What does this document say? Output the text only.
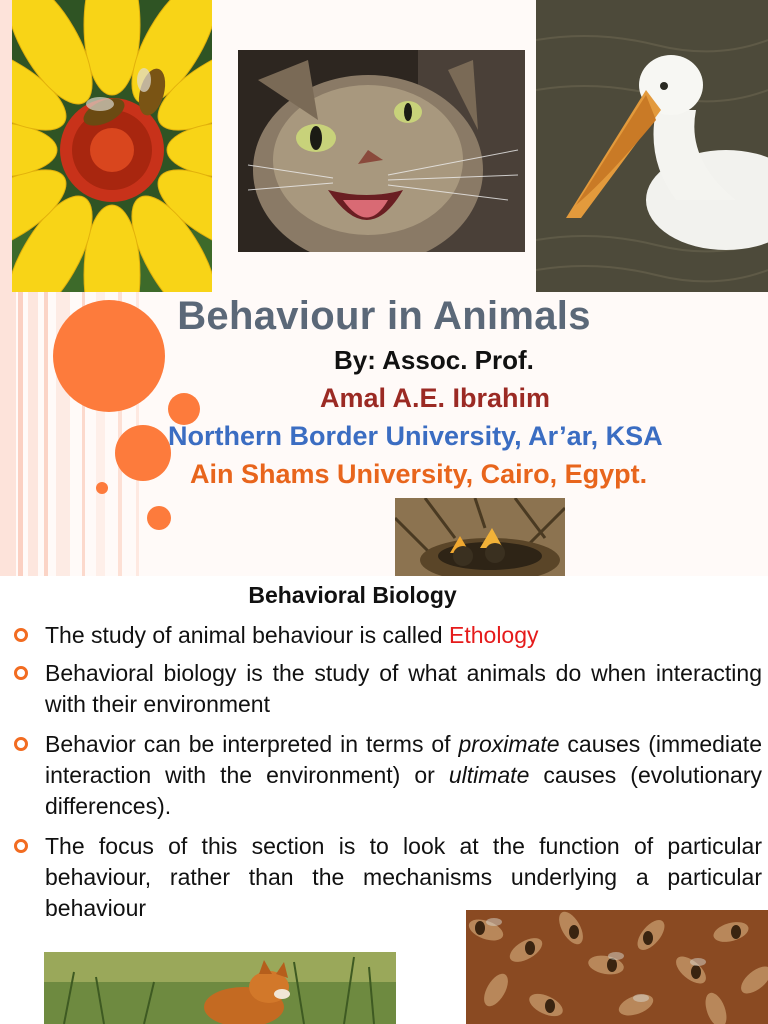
Behaviour in Animals
By: Assoc. Prof.
Amal A.E. Ibrahim
Northern Border University, Ar’ar, KSA
Ain Shams University, Cairo, Egypt.
Behavioral Biology
The study of animal behaviour is called Ethology
Behavioral biology is the study of what animals do when interacting with their environment
Behavior can be interpreted in terms of proximate causes (immediate interaction with the environment) or ultimate causes (evolutionary differences).
The focus of this section is to look at the function of particular behaviour, rather than the mechanisms underlying a particular behaviour
